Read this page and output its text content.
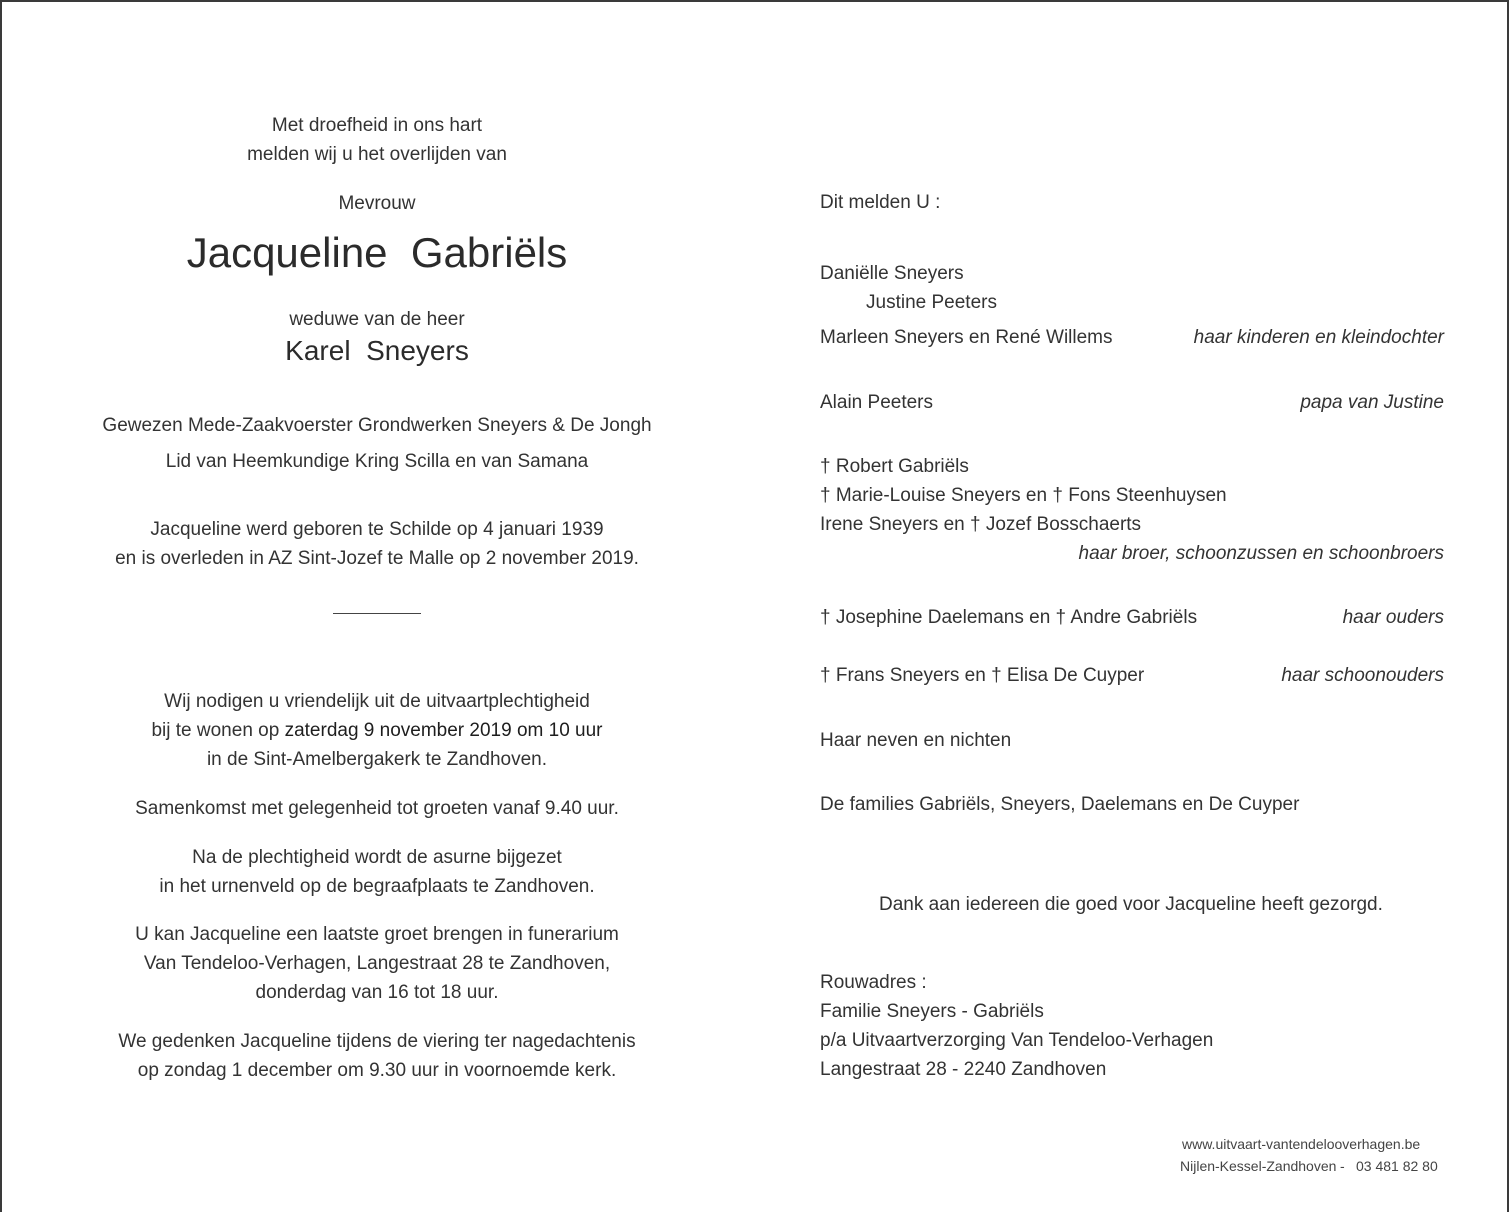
Met droefheid in ons hart
melden wij u het overlijden van
Mevrouw
Jacqueline  Gabriëls
weduwe van de heer
Karel  Sneyers
Gewezen Mede-Zaakvoerster Grondwerken Sneyers & De Jongh
Lid van Heemkundige Kring Scilla en van Samana
Jacqueline werd geboren te Schilde op 4 januari 1939
en is overleden in AZ Sint-Jozef te Malle op 2 november 2019.
Wij nodigen u vriendelijk uit de uitvaartplechtigheid
bij te wonen op zaterdag 9 november 2019 om 10 uur
in de Sint-Amelbergakerk te Zandhoven.
Samenkomst met gelegenheid tot groeten vanaf 9.40 uur.
Na de plechtigheid wordt de asurne bijgezet
in het urnenveld op de begraafplaats te Zandhoven.
U kan Jacqueline een laatste groet brengen in funerarium
Van Tendeloo-Verhagen, Langestraat 28 te Zandhoven,
donderdag van 16 tot 18 uur.
We gedenken Jacqueline tijdens de viering ter nagedachtenis
op zondag 1 december om 9.30 uur in voornoemde kerk.
Dit melden U :
Daniëlle Sneyers
Justine Peeters
Marleen Sneyers en René Willems	haar kinderen en kleindochter
Alain Peeters	papa van Justine
† Robert Gabriëls
† Marie-Louise Sneyers en † Fons Steenhuysen
Irene Sneyers en † Jozef Bosschaerts
haar broer, schoonzussen en schoonbroers
† Josephine Daelemans en † Andre Gabriëls	haar ouders
† Frans Sneyers en † Elisa De Cuyper	haar schoonouders
Haar neven en nichten
De families Gabriëls, Sneyers, Daelemans en De Cuyper
Dank aan iedereen die goed voor Jacqueline heeft gezorgd.
Rouwadres :
Familie Sneyers - Gabriëls
p/a Uitvaartverzorging Van Tendeloo-Verhagen
Langestraat 28 - 2240 Zandhoven
www.uitvaart-vantendelooverhagen.be
Nijlen-Kessel-Zandhoven - 03 481 82 80
